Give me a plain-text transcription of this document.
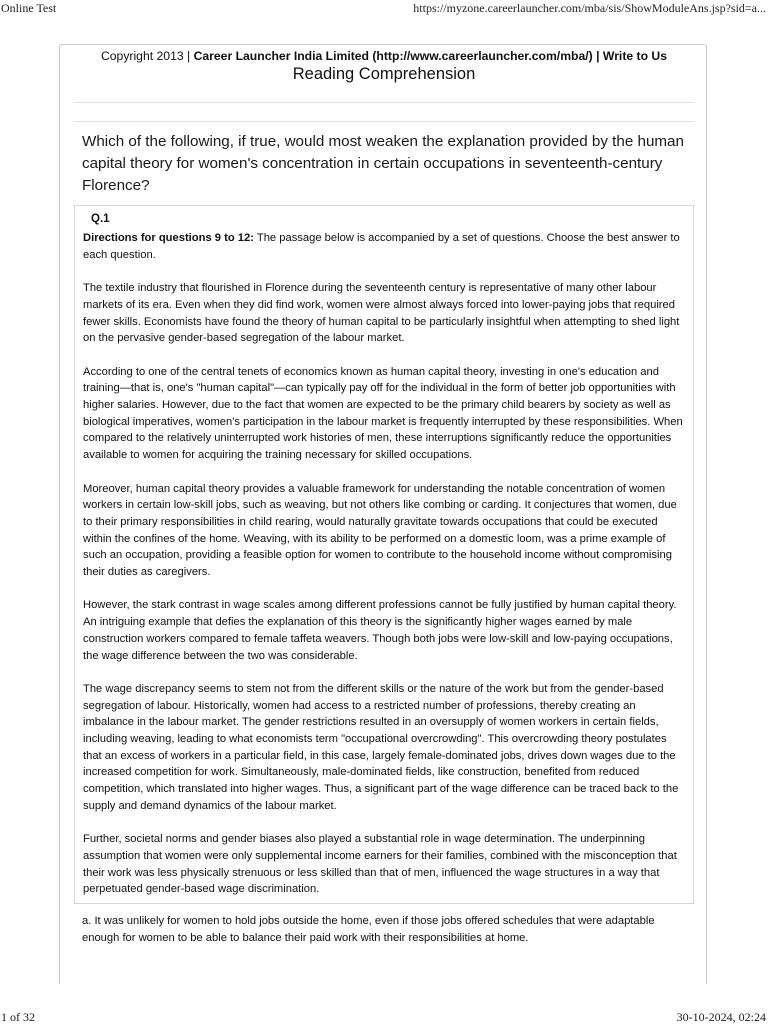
Online Test	https://myzone.careerlauncher.com/mba/sis/ShowModuleAns.jsp?sid=a...
Copyright 2013 | Career Launcher India Limited (http://www.careerlauncher.com/mba/) | Write to Us
Reading Comprehension
Which of the following, if true, would most weaken the explanation provided by the human capital theory for women's concentration in certain occupations in seventeenth-century Florence?
Q.1

Directions for questions 9 to 12: The passage below is accompanied by a set of questions. Choose the best answer to each question.

The textile industry that flourished in Florence during the seventeenth century is representative of many other labour markets of its era. Even when they did find work, women were almost always forced into lower-paying jobs that required fewer skills. Economists have found the theory of human capital to be particularly insightful when attempting to shed light on the pervasive gender-based segregation of the labour market.

According to one of the central tenets of economics known as human capital theory, investing in one's education and training—that is, one's "human capital"—can typically pay off for the individual in the form of better job opportunities with higher salaries. However, due to the fact that women are expected to be the primary child bearers by society as well as biological imperatives, women's participation in the labour market is frequently interrupted by these responsibilities. When compared to the relatively uninterrupted work histories of men, these interruptions significantly reduce the opportunities available to women for acquiring the training necessary for skilled occupations.

Moreover, human capital theory provides a valuable framework for understanding the notable concentration of women workers in certain low-skill jobs, such as weaving, but not others like combing or carding. It conjectures that women, due to their primary responsibilities in child rearing, would naturally gravitate towards occupations that could be executed within the confines of the home. Weaving, with its ability to be performed on a domestic loom, was a prime example of such an occupation, providing a feasible option for women to contribute to the household income without compromising their duties as caregivers.

However, the stark contrast in wage scales among different professions cannot be fully justified by human capital theory. An intriguing example that defies the explanation of this theory is the significantly higher wages earned by male construction workers compared to female taffeta weavers. Though both jobs were low-skill and low-paying occupations, the wage difference between the two was considerable.

The wage discrepancy seems to stem not from the different skills or the nature of the work but from the gender-based segregation of labour. Historically, women had access to a restricted number of professions, thereby creating an imbalance in the labour market. The gender restrictions resulted in an oversupply of women workers in certain fields, including weaving, leading to what economists term "occupational overcrowding". This overcrowding theory postulates that an excess of workers in a particular field, in this case, largely female-dominated jobs, drives down wages due to the increased competition for work. Simultaneously, male-dominated fields, like construction, benefited from reduced competition, which translated into higher wages. Thus, a significant part of the wage difference can be traced back to the supply and demand dynamics of the labour market.

Further, societal norms and gender biases also played a substantial role in wage determination. The underpinning assumption that women were only supplemental income earners for their families, combined with the misconception that their work was less physically strenuous or less skilled than that of men, influenced the wage structures in a way that perpetuated gender-based wage discrimination.

a. It was unlikely for women to hold jobs outside the home, even if those jobs offered schedules that were adaptable enough for women to be able to balance their paid work with their responsibilities at home.
1 of 32	30-10-2024, 02:24
